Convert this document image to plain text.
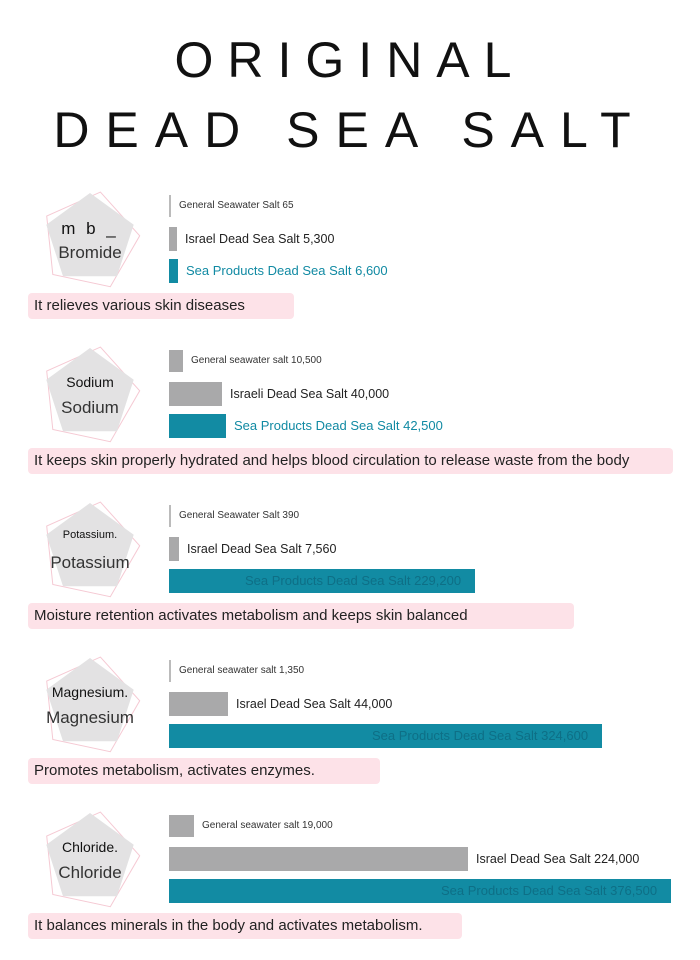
ORIGINAL
DEAD SEA SALT
m b _
Bromide
General Seawater Salt 65
Israel Dead Sea Salt 5,300
Sea Products Dead Sea Salt 6,600
It relieves various skin diseases
Sodium
Sodium
General seawater salt 10,500
Israeli Dead Sea Salt 40,000
Sea Products Dead Sea Salt 42,500
It keeps skin properly hydrated and helps blood circulation to release waste from the body
Potassium.
Potassium
General Seawater Salt 390
Israel Dead Sea Salt 7,560
Sea Products Dead Sea Salt 229,200
Moisture retention activates metabolism and keeps skin balanced
Magnesium.
Magnesium
General seawater salt 1,350
Israel Dead Sea Salt 44,000
Sea Products Dead Sea Salt 324,600
Promotes metabolism, activates enzymes.
Chloride.
Chloride
General seawater salt 19,000
Israel Dead Sea Salt 224,000
Sea Products Dead Sea Salt 376,500
It balances minerals in the body and activates metabolism.
